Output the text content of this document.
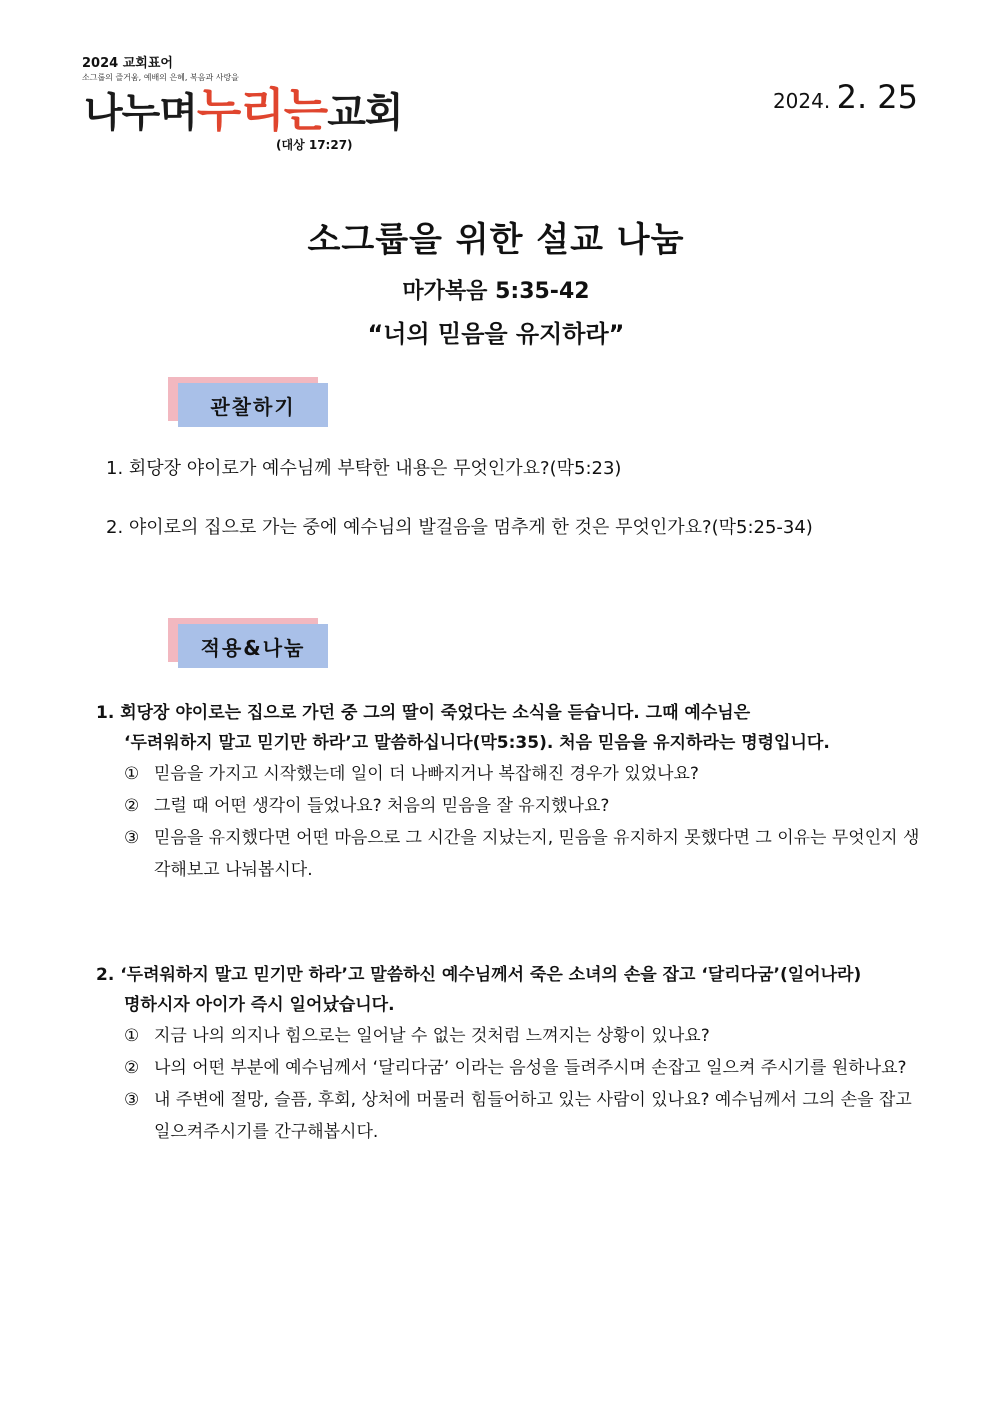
2024 교회표어
소그룹의 즐거움, 예배의 은혜, 복음과 사랑을
나누며누리는교회
(대상 17:27)
2024. 2. 25
소그룹을 위한 설교 나눔
마가복음 5:35-42
“너의 믿음을 유지하라”
관찰하기
1. 회당장 야이로가 예수님께 부탁한 내용은 무엇인가요?(막5:23)
2. 야이로의 집으로 가는 중에 예수님의 발걸음을 멈추게 한 것은 무엇인가요?(막5:25-34)
적용&나눔
1. 회당장 야이로는 집으로 가던 중 그의 딸이 죽었다는 소식을 듣습니다. 그때 예수님은
‘두려워하지 말고 믿기만 하라’고 말씀하십니다(막5:35). 처음 믿음을 유지하라는 명령입니다.
① 믿음을 가지고 시작했는데 일이 더 나빠지거나 복잡해진 경우가 있었나요?
② 그럴 때 어떤 생각이 들었나요? 처음의 믿음을 잘 유지했나요?
③ 믿음을 유지했다면 어떤 마음으로 그 시간을 지났는지, 믿음을 유지하지 못했다면 그 이유는 무엇인지 생각해보고 나눠봅시다.
2. ‘두려워하지 말고 믿기만 하라’고 말씀하신 예수님께서 죽은 소녀의 손을 잡고 ‘달리다굼’(일어나라)
명하시자 아이가 즉시 일어났습니다.
① 지금 나의 의지나 힘으로는 일어날 수 없는 것처럼 느껴지는 상황이 있나요?
② 나의 어떤 부분에 예수님께서 ‘달리다굼’ 이라는 음성을 들려주시며 손잡고 일으켜 주시기를 원하나요?
③ 내 주변에 절망, 슬픔, 후회, 상처에 머물러 힘들어하고 있는 사람이 있나요? 예수님께서 그의 손을 잡고 일으켜주시기를 간구해봅시다.
